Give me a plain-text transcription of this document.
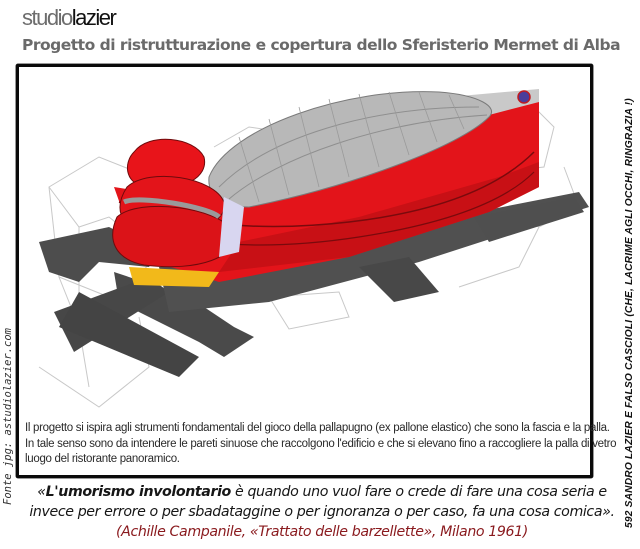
studiolazier
Progetto di ristrutturazione e copertura dello Sferisterio Mermet di Alba

Il progetto si ispira agli strumenti fondamentali del gioco della pallapugno (ex pallone elastico) che sono la fascia e la palla.

In tale senso sono da intendere le pareti sinuose che raccolgono l'edificio e che si elevano fino a raccogliere la palla di vetro

luogo del ristorante panoramico.

Fonte jpg: astudiolazier.com	592 SANDRO LAZIER E FALSO CASCIOLI (CHE, LACRIME AGLI OCCHI, RINGRAZIA !)
«L'umorismo involontario è quando uno vuol fare o crede di fare una cosa seria e
invece per errore o per sbadataggine o per ignoranza o per caso, fa una cosa comica».
(Achille Campanile, «Trattato delle barzellette», Milano 1961)
